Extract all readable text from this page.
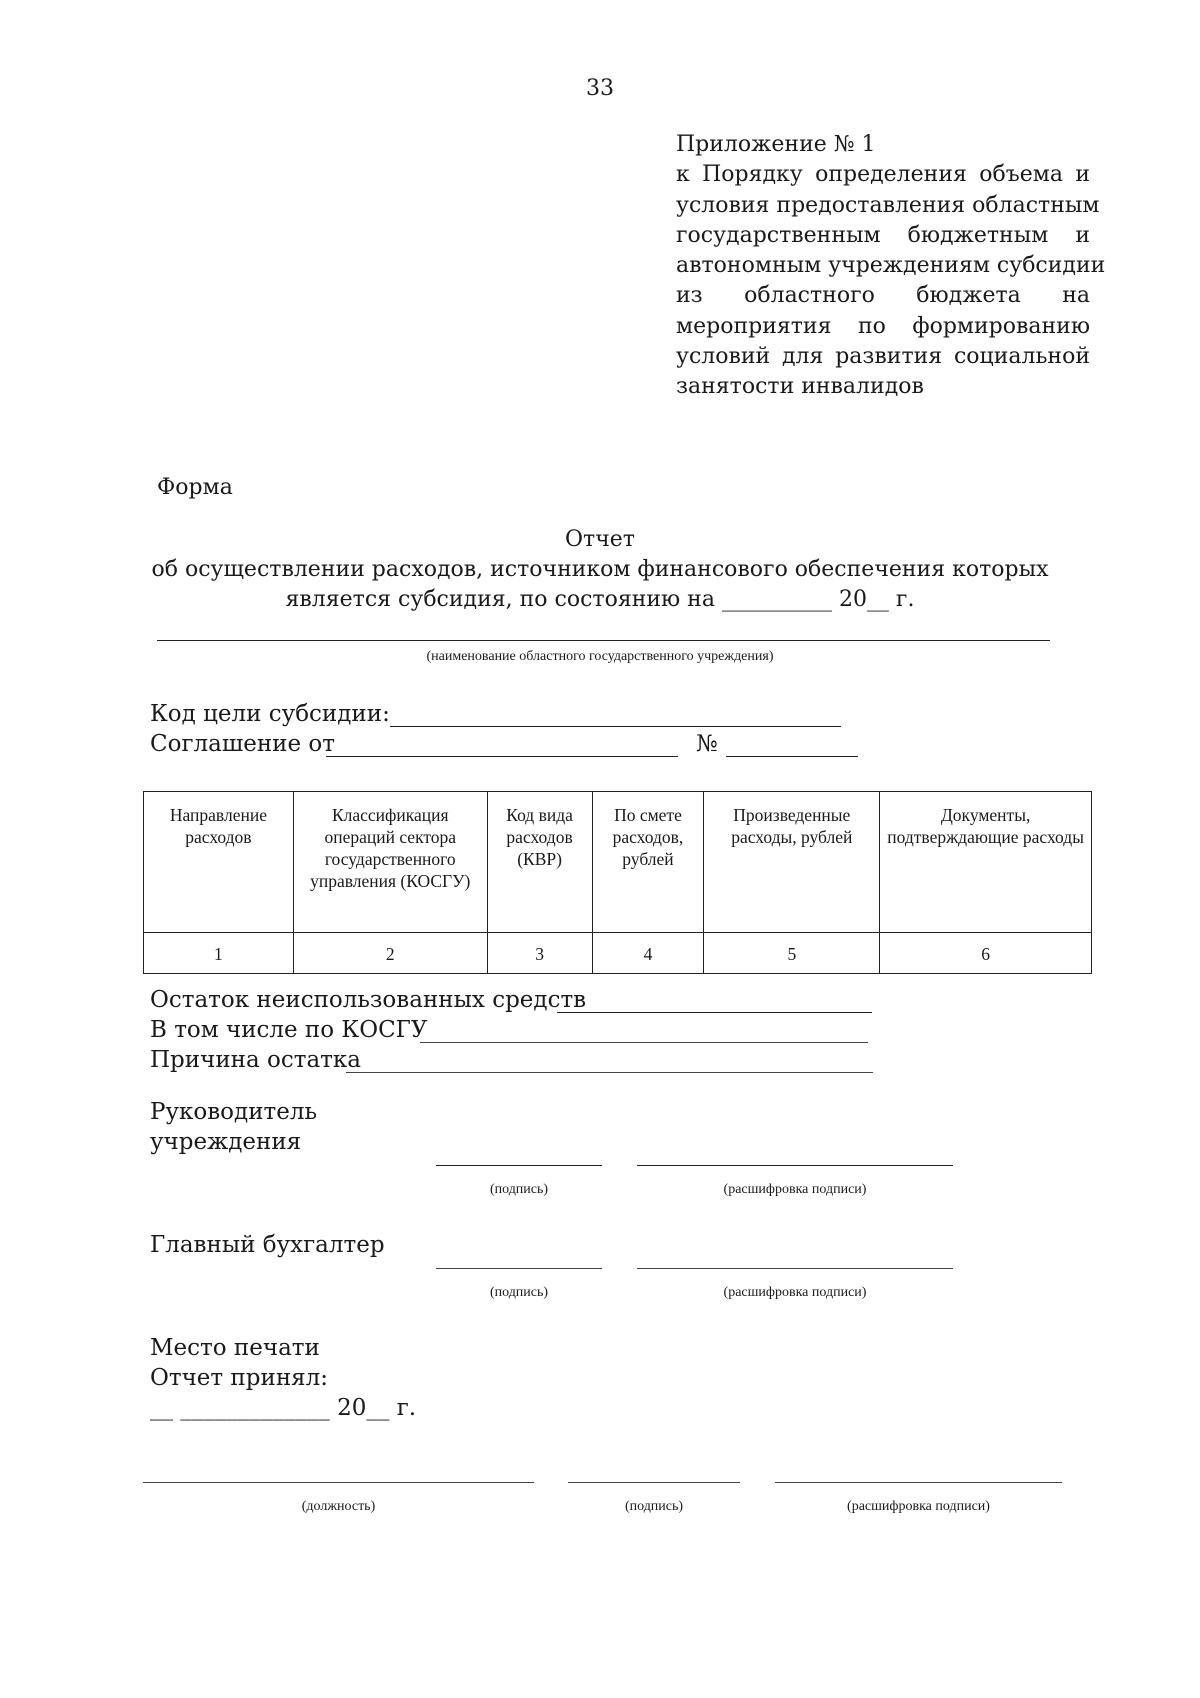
33
Приложение № 1
к Порядку определения объема и
условия предоставления областным
государственным бюджетным и
автономным учреждениям субсидии
из областного бюджета на
мероприятия по формированию
условий для развития социальной
занятости инвалидов
Форма
Отчет
об осуществлении расходов, источником финансового обеспечения которых
является субсидия, по состоянию на __________ 20__ г.
(наименование областного государственного учреждения)
Код цели субсидии:
Соглашение от	№
Направление расходов	Классификация операций сектора государственного управления (КОСГУ)	Код вида расходов (КВР)	По смете расходов, рублей	Произведенные расходы, рублей	Документы, подтверждающие расходы
1	2	3	4	5	6
Остаток неиспользованных средств
В том числе по КОСГУ
Причина остатка
Руководитель
учреждения
(подпись)	(расшифровка подписи)
Главный бухгалтер
(подпись)	(расшифровка подписи)
Место печати
Отчет принял:
__ _____________ 20__ г.
(должность)	(подпись)	(расшифровка подписи)
